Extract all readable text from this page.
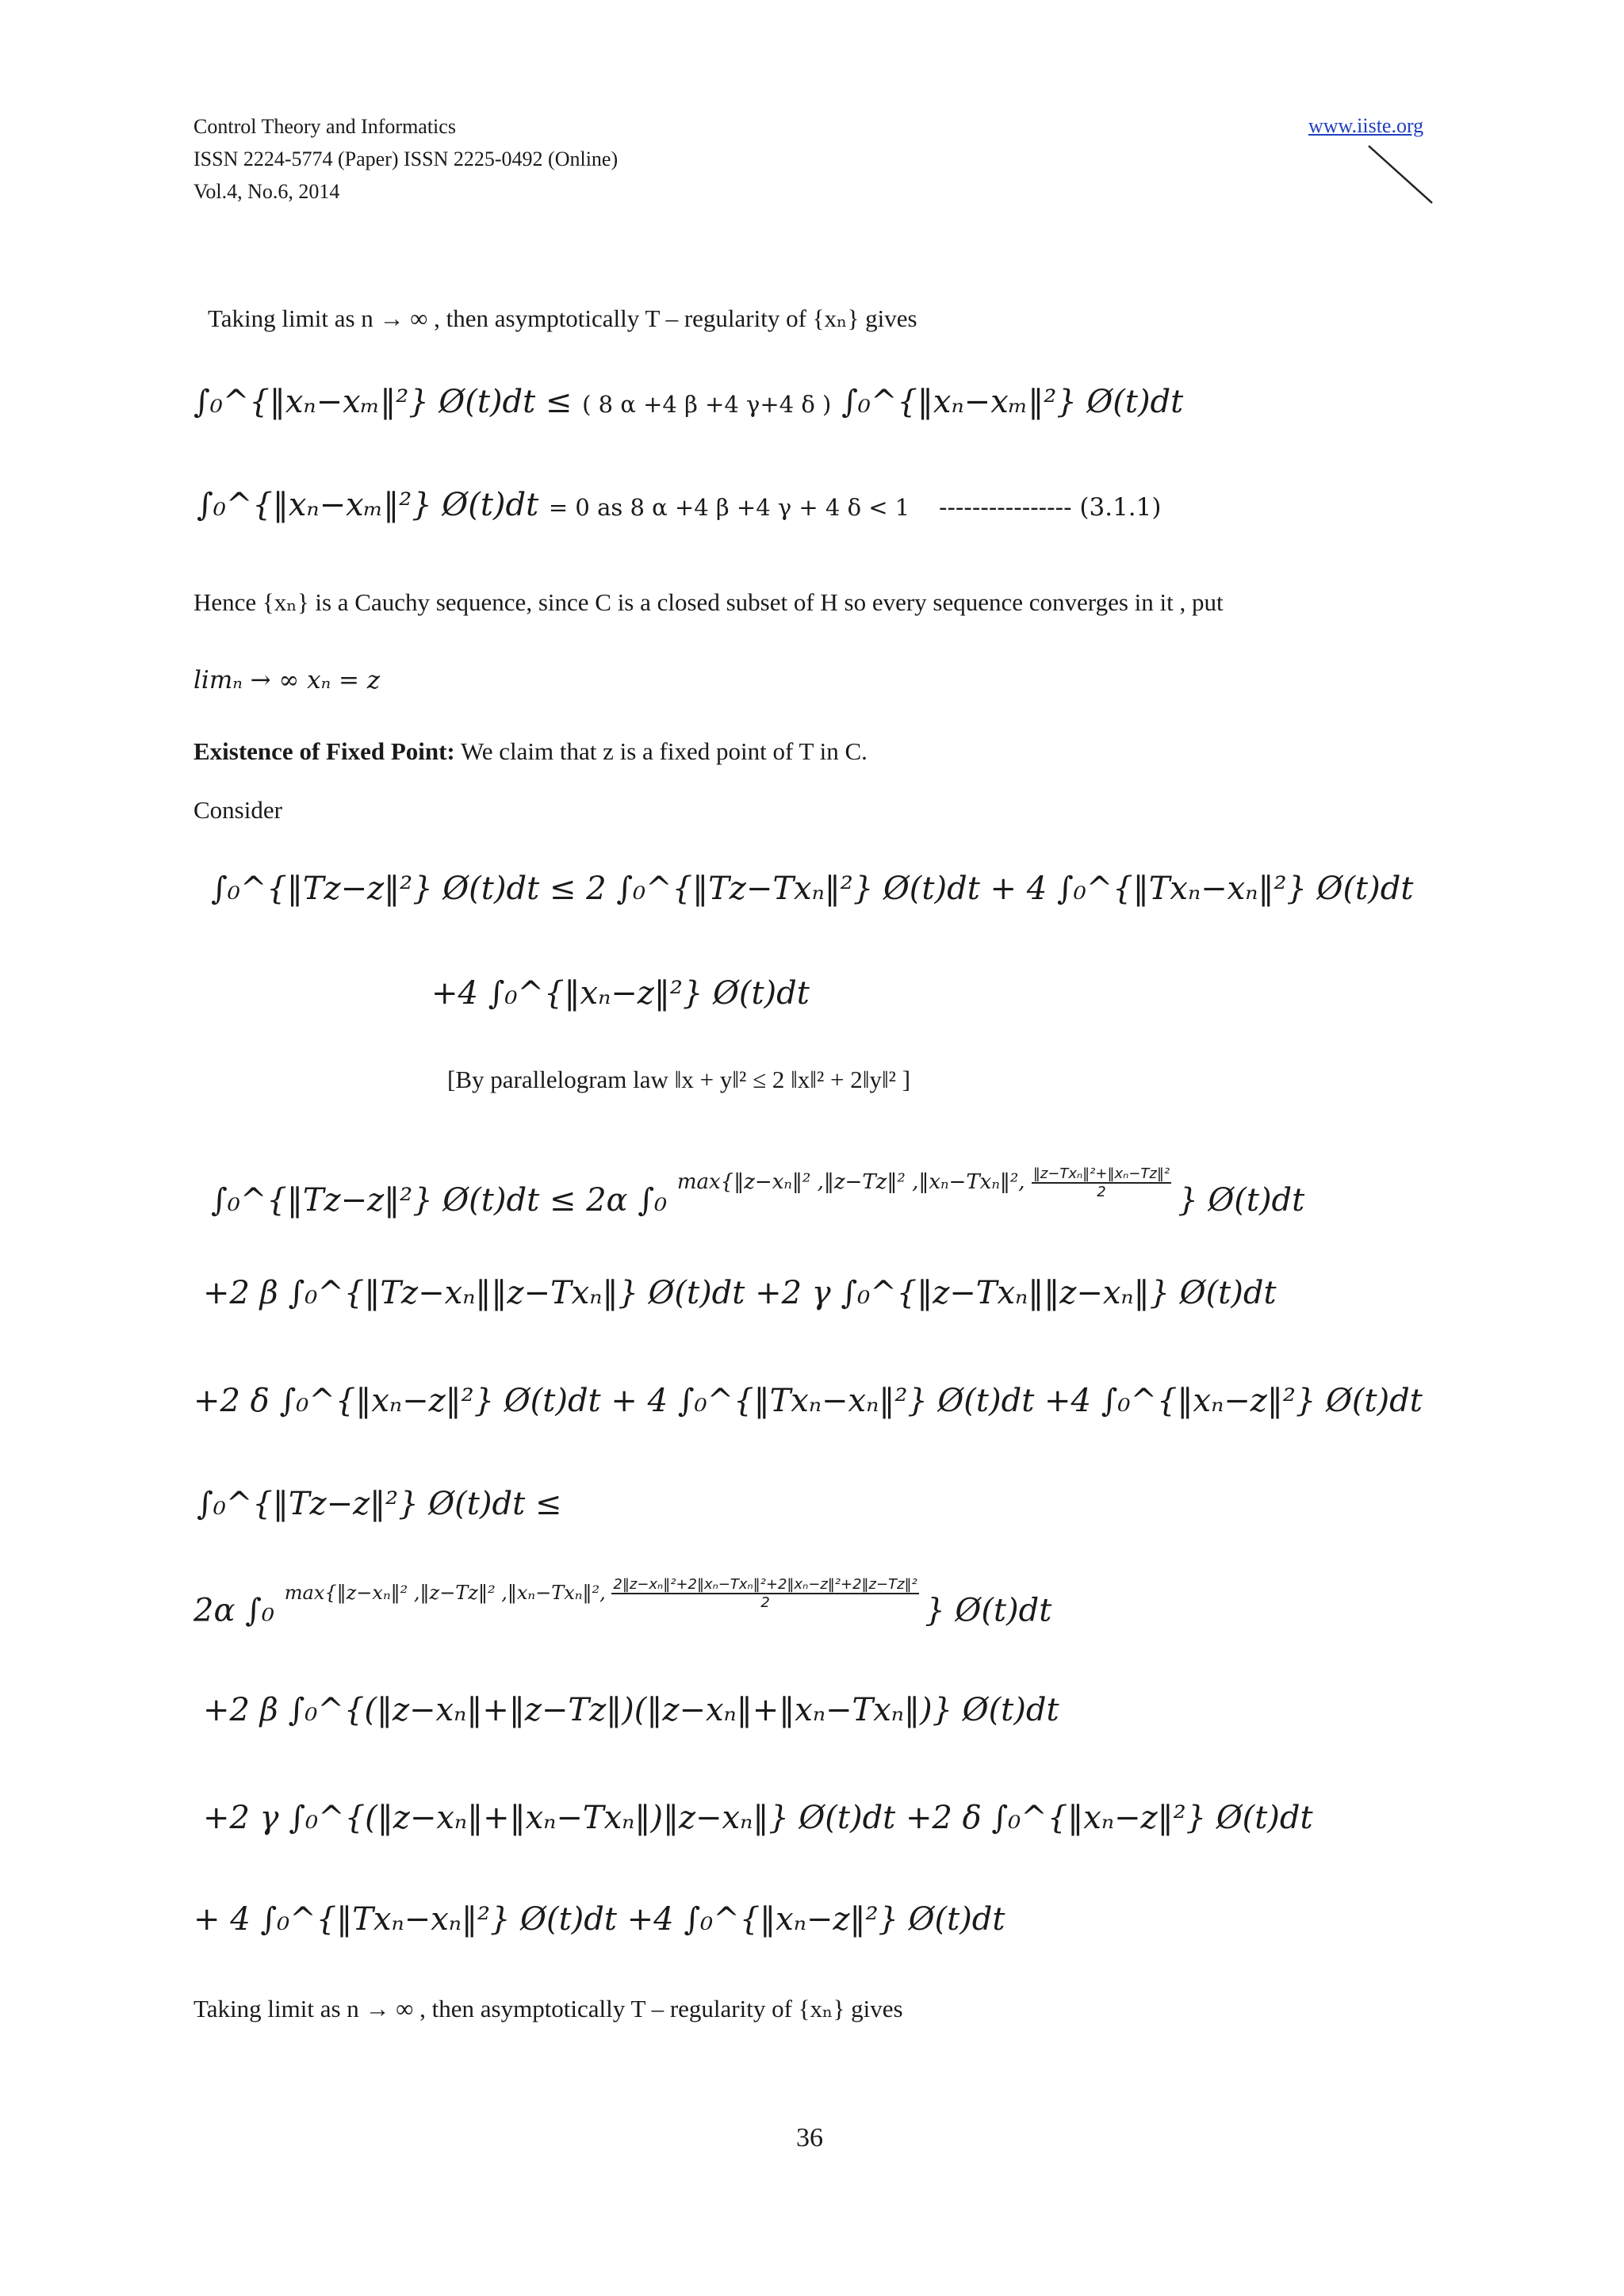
Control Theory and Informatics
ISSN 2224-5774 (Paper) ISSN 2225-0492 (Online)
Vol.4, No.6, 2014
www.iiste.org
Taking limit as n → ∞ , then asymptotically T – regularity of {xₙ} gives
∫₀^{‖xₙ−xₘ‖²} Ø(t)dt ≤ ( 8 α +4 β +4 γ+4 δ ) ∫₀^{‖xₙ−xₘ‖²} Ø(t)dt
∫₀^{‖xₙ−xₘ‖²} Ø(t)dt = 0 as 8 α +4 β +4 γ + 4 δ < 1 ---------------- (3.1.1)
Hence {xₙ} is a Cauchy sequence, since C is a closed subset of H so every sequence converges in it , put
limₙ → ∞ xₙ = z
Existence of Fixed Point: We claim that z is a fixed point of T in C.
Consider
∫₀^{‖Tz−z‖²} Ø(t)dt ≤ 2 ∫₀^{‖Tz−Txₙ‖²} Ø(t)dt + 4 ∫₀^{‖Txₙ−xₙ‖²} Ø(t)dt
+4 ∫₀^{‖xₙ−z‖²} Ø(t)dt
[By parallelogram law ‖x + y‖² ≤ 2 ‖x‖² + 2‖y‖² ]
∫₀^{‖Tz−z‖²} Ø(t)dt ≤ 2α ∫₀ $^{max\{‖z-x_n‖^2 ,‖z-Tz‖^2 ,‖x_n-Tx_n‖^2, \frac{\text{‖z−Txₙ‖²+‖xₙ−Tz‖²}}{2}}$ } Ø(t)dt
+2 β ∫₀^{‖Tz−xₙ‖‖z−Txₙ‖} Ø(t)dt +2 γ ∫₀^{‖z−Txₙ‖‖z−xₙ‖} Ø(t)dt
+2 δ ∫₀^{‖xₙ−z‖²} Ø(t)dt + 4 ∫₀^{‖Txₙ−xₙ‖²} Ø(t)dt +4 ∫₀^{‖xₙ−z‖²} Ø(t)dt
∫₀^{‖Tz−z‖²} Ø(t)dt ≤
2α ∫₀ $^{max\{‖z-x_n‖^2 ,‖z-Tz‖^2 ,‖x_n-Tx_n‖^2, \frac{\text{2‖z−xₙ‖²+2‖xₙ−Txₙ‖²+2‖xₙ−z‖²+2‖z−Tz‖²}}{2}}$ } Ø(t)dt
+2 β ∫₀^{(‖z−xₙ‖+‖z−Tz‖)(‖z−xₙ‖+‖xₙ−Txₙ‖)} Ø(t)dt
+2 γ ∫₀^{(‖z−xₙ‖+‖xₙ−Txₙ‖)‖z−xₙ‖} Ø(t)dt +2 δ ∫₀^{‖xₙ−z‖²} Ø(t)dt
+ 4 ∫₀^{‖Txₙ−xₙ‖²} Ø(t)dt +4 ∫₀^{‖xₙ−z‖²} Ø(t)dt
Taking limit as n → ∞ , then asymptotically T – regularity of {xₙ} gives
36
